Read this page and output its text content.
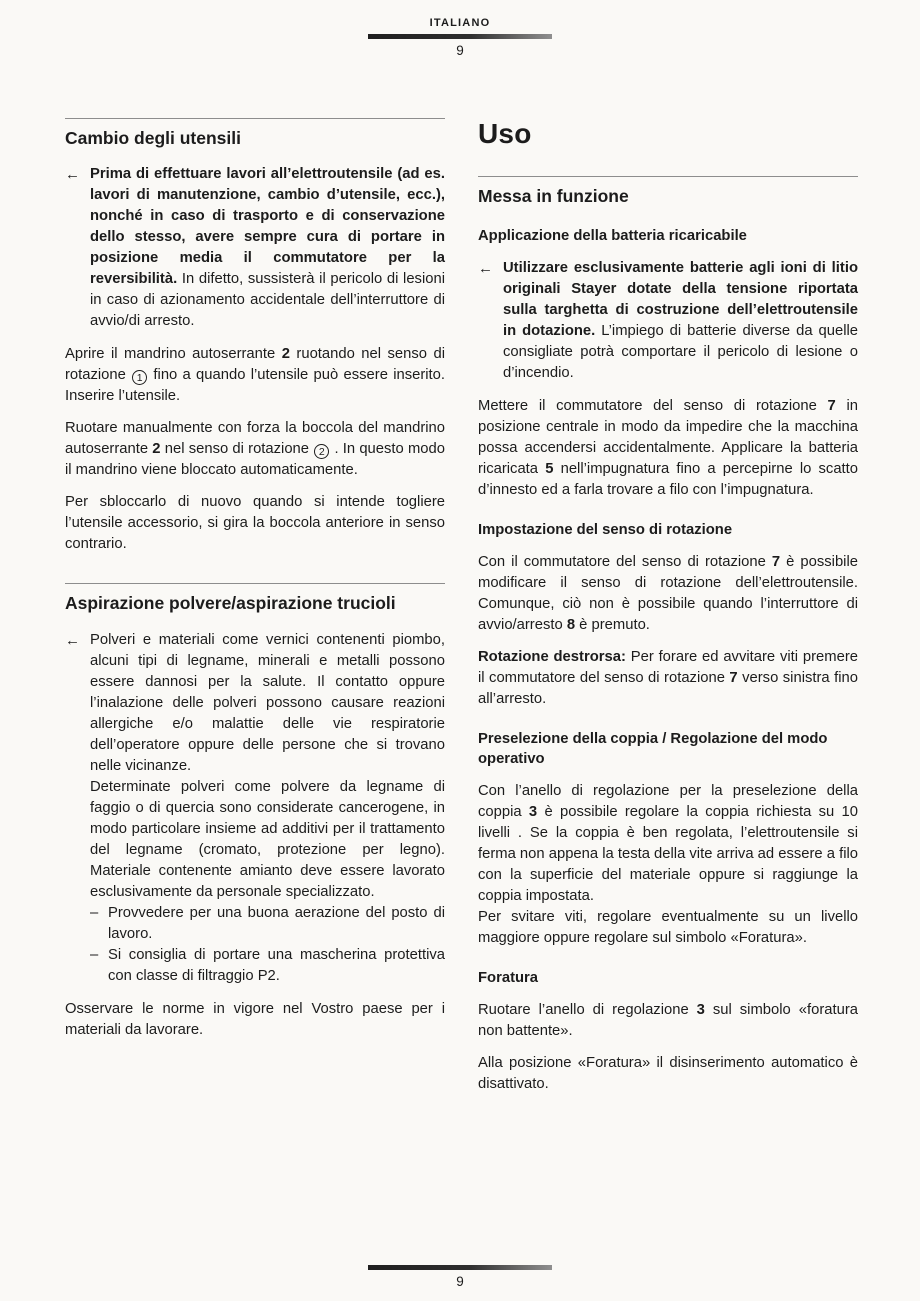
ITALIANO
9
Cambio degli utensili
← Prima di effettuare lavori all’elettroutensile (ad es. lavori di manutenzione, cambio d’utensile, ecc.), nonché in caso di trasporto e di conservazione dello stesso, avere sempre cura di portare in posizione media il commutatore per la reversibilità. In difetto, sussisterà il pericolo di lesioni in caso di azionamento accidentale dell’interruttore di avvio/di arresto.

Aprire il mandrino autoserrante 2 ruotando nel senso di rotazione 1 fino a quando l’utensile può essere inserito. Inserire l’utensile.

Ruotare manualmente con forza la boccola del mandrino autoserrante 2 nel senso di rotazione 2 . In questo modo il mandrino viene bloccato automaticamente.

Per sbloccarlo di nuovo quando si intende togliere l’utensile accessorio, si gira la boccola anteriore in senso contrario.

Aspirazione polvere/aspirazione trucioli
← Polveri e materiali come vernici contenenti piombo, alcuni tipi di legname, minerali e metalli possono essere dannosi per la salute. Il contatto oppure l’inalazione delle polveri possono causare reazioni allergiche e/o malattie delle vie respiratorie dell’operatore oppure delle persone che si trovano nelle vicinanze.

Determinate polveri come polvere da legname di faggio o di quercia sono considerate cancerogene, in modo particolare insieme ad additivi per il trattamento del legname (cromato, protezione per legno). Materiale contenente amianto deve essere lavorato esclusivamente da personale specializzato.

– Provvedere per una buona aerazione del posto di lavoro.
– Si consiglia di portare una mascherina protettiva con classe di filtraggio P2.

Osservare le norme in vigore nel Vostro paese per i materiali da lavorare.

Uso
Messa in funzione
Applicazione della batteria ricaricabile
← Utilizzare esclusivamente batterie agli ioni di litio originali Stayer dotate della tensione riportata sulla targhetta di costruzione dell’elettroutensile in dotazione. L’impiego di batterie diverse da quelle consigliate potrà comportare il pericolo di lesione o d’incendio.

Mettere il commutatore del senso di rotazione 7 in posizione centrale in modo da impedire che la macchina possa accendersi accidentalmente. Applicare la batteria ricaricata 5 nell’impugnatura fino a percepirne lo scatto d’innesto ed a farla trovare a filo con l’impugnatura.

Impostazione del senso di rotazione

Con il commutatore del senso di rotazione 7 è possibile modificare il senso di rotazione dell’elettroutensile. Comunque, ciò non è possibile quando l’interruttore di avvio/arresto 8 è premuto.

Rotazione destrorsa: Per forare ed avvitare viti premere il commutatore del senso di rotazione 7 verso sinistra fino all’arresto.

Preselezione della coppia / Regolazione del modo operativo

Con l’anello di regolazione per la preselezione della coppia 3 è possibile regolare la coppia richiesta su 10 livelli . Se la coppia è ben regolata, l’elettroutensile si ferma non appena la testa della vite arriva ad essere a filo con la superficie del materiale oppure si raggiunge la coppia impostata.

Per svitare viti, regolare eventualmente su un livello maggiore oppure regolare sul simbolo «Foratura».

Foratura

Ruotare l’anello di regolazione 3 sul simbolo «foratura non battente».

Alla posizione «Foratura» il disinserimento automatico è disattivato.

9
